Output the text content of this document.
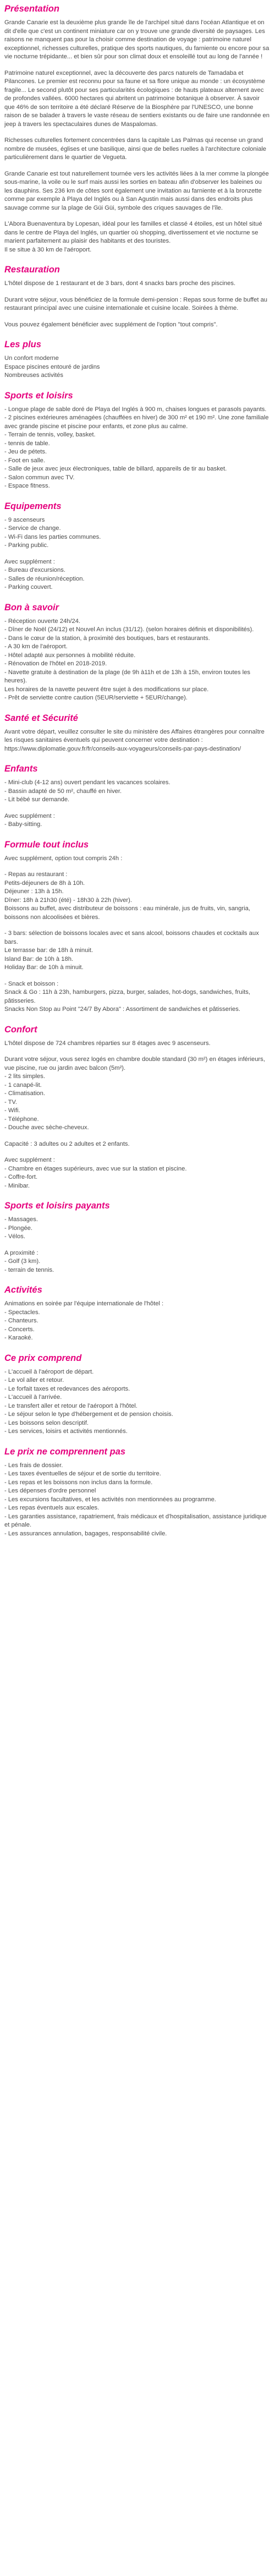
Présentation

Grande Canarie est la deuxième plus grande île de l'archipel situé dans l'océan Atlantique et on dit d'elle que c'est un continent miniature car on y trouve une grande diversité de paysages. Les raisons ne manquent pas pour la choisir comme destination de voyage : patrimoine naturel exceptionnel, richesses culturelles, pratique des sports nautiques, du farniente ou encore pour sa vie nocturne trépidante... et bien sûr pour son climat doux et ensoleillé tout au long de l'année !

Patrimoine naturel exceptionnel, avec la découverte des parcs naturels de Tamadaba et Pilancones. Le premier est reconnu pour sa faune et sa flore unique au monde : un écosystème fragile... Le second plutôt pour ses particularités écologiques : de hauts plateaux alternent avec de profondes vallées. 6000 hectares qui abritent un patrimoine botanique à observer. À savoir que 46% de son territoire a été déclaré Réserve de la Biosphère par l'UNESCO, une bonne raison de se balader à travers le vaste réseau de sentiers existants ou de faire une randonnée en jeep à travers les spectaculaires dunes de Maspalomas.

Richesses culturelles fortement concentrées dans la capitale Las Palmas qui recense un grand nombre de musées, églises et une basilique, ainsi que de belles ruelles à l'architecture coloniale particulièrement dans le quartier de Vegueta.

Grande Canarie est tout naturellement tournée vers les activités liées à la mer comme la plongée sous-marine, la voile ou le surf mais aussi les sorties en bateau afin d'observer les baleines ou les dauphins. Ses 236 km de côtes sont également une invitation au farniente et à la bronzette comme par exemple à Playa del Inglés ou à San Agustin mais aussi dans des endroits plus sauvage comme sur la plage de Güi Güi, symbole des criques sauvages de l'île.

L'Abora Buenaventura by Lopesan, idéal pour les familles et classé 4 étoiles, est un hôtel situé dans le centre de Playa del Inglés, un quartier où shopping, divertissement et vie nocturne se marient parfaitement au plaisir des habitants et des touristes.

Il se situe à 30 km de l'aéroport.

Restauration

L'hôtel dispose de 1 restaurant et de 3 bars, dont 4 snacks bars proche des piscines.

Durant votre séjour, vous bénéficiez de la formule demi-pension : Repas sous forme de buffet au restaurant principal avec une cuisine internationale et cuisine locale. Soirées à thème.

Vous pouvez également bénéficier avec supplément de l'option "tout compris".

Les plus
Un confort moderne
Espace piscines entouré de jardins
Nombreuses activités
Sports et loisirs
- Longue plage de sable doré de Playa del Inglés à 900 m, chaises longues et parasols payants.
- 2 piscines extérieures aménagées (chauffées en hiver) de 300 m² et 190 m². Une zone familiale avec grande piscine et piscine pour enfants, et zone plus au calme.
- Terrain de tennis, volley, basket.
- tennis de table.
- Jeu de pétets.
- Foot en salle.
- Salle de jeux avec jeux électroniques, table de billard, appareils de tir au basket.
- Salon commun avec TV.
- Espace fitness.
Equipements
- 9 ascenseurs
- Service de change.
- Wi-Fi dans les parties communes.
- Parking public.
Avec supplément :
- Bureau d'excursions.
- Salles de réunion/réception.
- Parking couvert.
Bon à savoir
- Réception ouverte 24h/24.
- Dîner de Noël (24/12) et Nouvel An inclus (31/12). (selon horaires définis et disponibilités).
- Dans le cœur de la station, à proximité des boutiques, bars et restaurants.
- A 30 km de l'aéroport.
- Hôtel adapté aux personnes à mobilité réduite.
- Rénovation de l'hôtel en 2018-2019.
- Navette gratuite à destination de la plage (de 9h à11h et de 13h à 15h, environ toutes les heures).
Les horaires de la navette peuvent être sujet à des modifications sur place.
- Prêt de serviette contre caution (5EUR/serviette + 5EUR/change).
Santé et Sécurité

Avant votre départ, veuillez consulter le site du ministère des Affaires étrangères pour connaître les risques sanitaires éventuels qui peuvent concerner votre destination : https://www.diplomatie.gouv.fr/fr/conseils-aux-voyageurs/conseils-par-pays-destination/

Enfants
- Mini-club (4-12 ans) ouvert pendant les vacances scolaires.
- Bassin adapté de 50 m², chauffé en hiver.
- Lit bébé sur demande.
Avec supplément :
- Baby-sitting.
Formule tout inclus
Avec supplément, option tout compris 24h :
- Repas au restaurant :
Petits-déjeuners de 8h à 10h.
Déjeuner : 13h à 15h.
Dîner: 18h à 21h30 (été) - 18h30 à 22h (hiver).
Boissons au buffet, avec distributeur de boissons : eau minérale, jus de fruits, vin, sangria, boissons non alcoolisées et bières.
- 3 bars: sélection de boissons locales avec et sans alcool, boissons chaudes et cocktails aux bars.
Le terrasse bar: de 18h à minuit.
Island Bar: de 10h à 18h.
Holiday Bar: de 10h à minuit.
- Snack et boisson :
Snack & Go : 11h à 23h, hamburgers, pizza, burger, salades, hot-dogs, sandwiches, fruits, pâtisseries.
Snacks Non Stop au Point "24/7 By Abora" : Assortiment de sandwiches et pâtisseries.
Confort

L'hôtel dispose de 724 chambres réparties sur 8 étages avec 9 ascenseurs.

Durant votre séjour, vous serez logés en chambre double standard (30 m²) en étages inférieurs, vue piscine, rue ou jardin avec balcon (5m²).
- 2 lits simples.
- 1 canapé-lit.
- Climatisation.
- TV.
- Wifi.
- Téléphone.
- Douche avec sèche-cheveux.
Capacité : 3 adultes ou 2 adultes et 2 enfants.
Avec supplément :
- Chambre en étages supérieurs, avec vue sur la station et piscine.
- Coffre-fort.
- Minibar.
Sports et loisirs payants
- Massages.
- Plongée.
- Vélos.
A proximité :
- Golf (3 km).
- terrain de tennis.
Activités
Animations en soirée par l'équipe internationale de l'hôtel :
- Spectacles.
- Chanteurs.
- Concerts.
- Karaoké.
Ce prix comprend
- L'accueil à l'aéroport de départ.
- Le vol aller et retour.
- Le forfait taxes et redevances des aéroports.
- L'accueil à l'arrivée.
- Le transfert aller et retour de l'aéroport à l'hôtel.
- Le séjour selon le type d'hébergement et de pension choisis.
- Les boissons selon descriptif.
- Les services, loisirs et activités mentionnés.
Le prix ne comprennent pas
- Les frais de dossier.
- Les taxes éventuelles de séjour et de sortie du territoire.
- Les repas et les boissons non inclus dans la formule.
- Les dépenses d'ordre personnel
- Les excursions facultatives, et les activités non mentionnées au programme.
- Les repas éventuels aux escales.
- Les garanties assistance, rapatriement, frais médicaux et d'hospitalisation, assistance juridique et pénale.
- Les assurances annulation, bagages, responsabilité civile.
